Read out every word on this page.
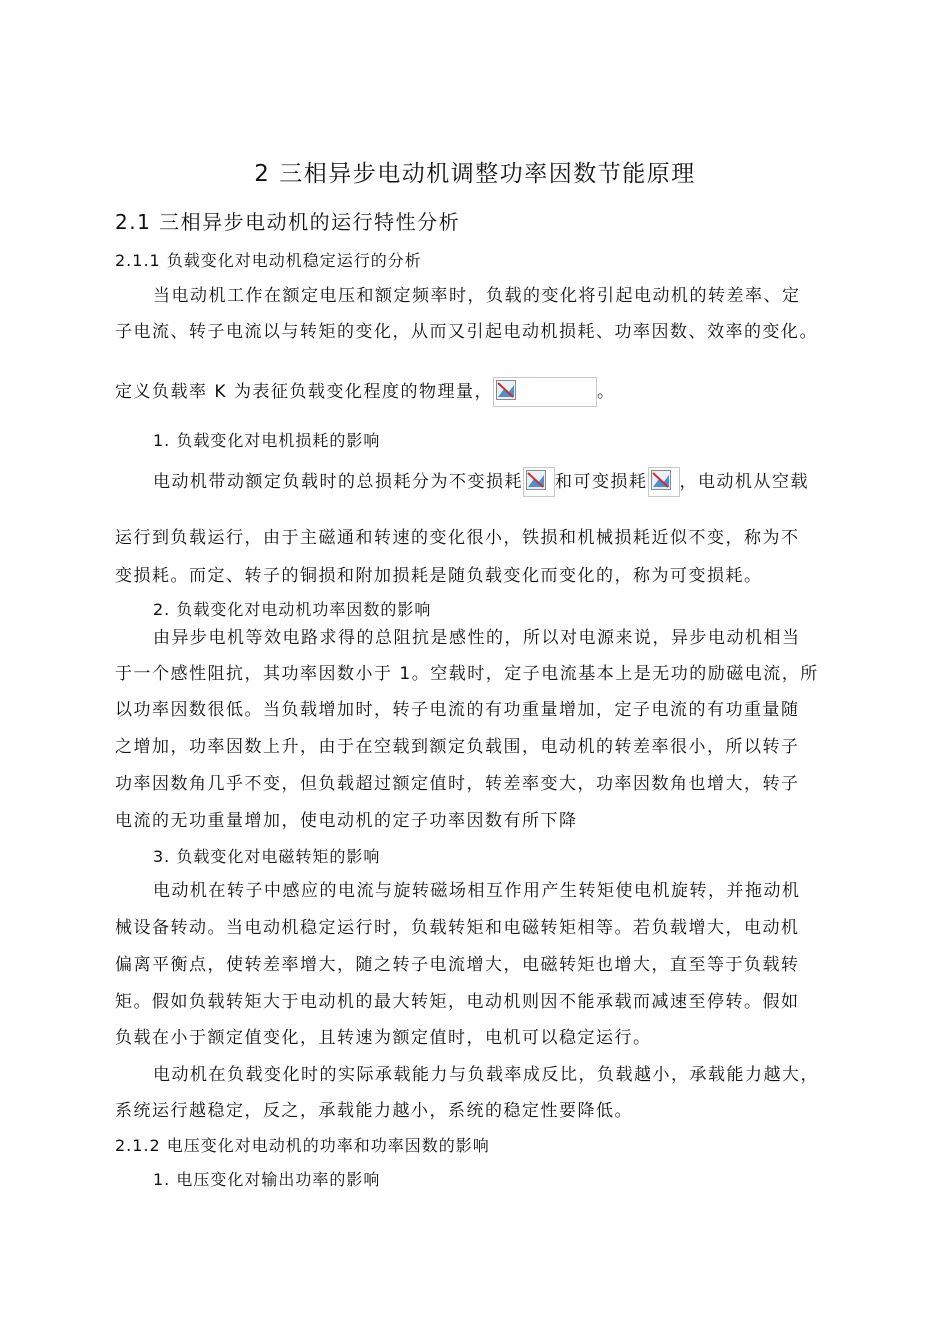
2 三相异步电动机调整功率因数节能原理
2.1 三相异步电动机的运行特性分析
2.1.1 负载变化对电动机稳定运行的分析
当电动机工作在额定电压和额定频率时，负载的变化将引起电动机的转差率、定
子电流、转子电流以与转矩的变化，从而又引起电动机损耗、功率因数、效率的变化。
定义负载率 K 为表征负载变化程度的物理量，	。
1. 负载变化对电机损耗的影响
电动机带动额定负载时的总损耗分为不变损耗 和可变损耗 ，电动机从空载
运行到负载运行，由于主磁通和转速的变化很小，铁损和机械损耗近似不变，称为不
变损耗。而定、转子的铜损和附加损耗是随负载变化而变化的，称为可变损耗。
2. 负载变化对电动机功率因数的影响
由异步电机等效电路求得的总阻抗是感性的，所以对电源来说，异步电动机相当
于一个感性阻抗，其功率因数小于 1。空载时，定子电流基本上是无功的励磁电流，所
以功率因数很低。当负载增加时，转子电流的有功重量增加，定子电流的有功重量随
之增加，功率因数上升，由于在空载到额定负载围，电动机的转差率很小，所以转子
功率因数角几乎不变，但负载超过额定值时，转差率变大，功率因数角也增大，转子
电流的无功重量增加，使电动机的定子功率因数有所下降
3. 负载变化对电磁转矩的影响
电动机在转子中感应的电流与旋转磁场相互作用产生转矩使电机旋转，并拖动机
械设备转动。当电动机稳定运行时，负载转矩和电磁转矩相等。若负载增大，电动机
偏离平衡点，使转差率增大，随之转子电流增大，电磁转矩也增大，直至等于负载转
矩。假如负载转矩大于电动机的最大转矩，电动机则因不能承载而减速至停转。假如
负载在小于额定值变化，且转速为额定值时，电机可以稳定运行。
电动机在负载变化时的实际承载能力与负载率成反比，负载越小，承载能力越大，
系统运行越稳定，反之，承载能力越小，系统的稳定性要降低。
2.1.2 电压变化对电动机的功率和功率因数的影响
1. 电压变化对输出功率的影响
